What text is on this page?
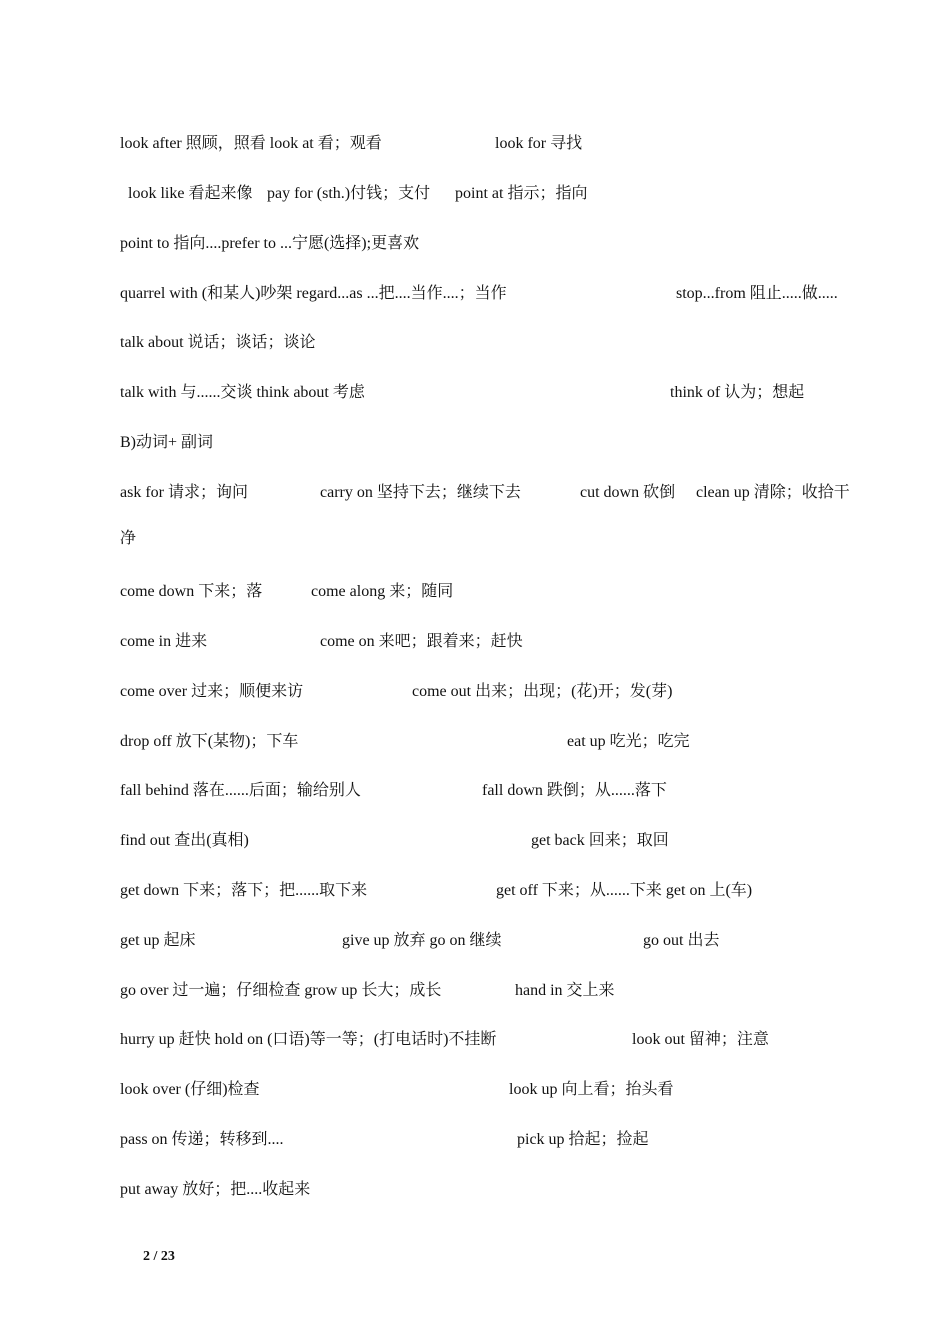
look after 照顾，照看 look at 看；观看	look for 寻找
look like 看起来像 pay for (sth.)付钱；支付 point at 指示；指向
point to 指向....prefer to ...宁愿(选择);更喜欢
quarrel with (和某人)吵架 regard...as ...把....当作....；当作	stop...from 阻止.....做.....
talk about 说话；谈话；谈论
talk with 与......交谈 think about 考虑	think of 认为；想起
B)动词+ 副词
ask for 请求；询问	carry on 坚持下去；继续下去	cut down 砍倒 clean up 清除；收拾干
净
come down 下来；落	come along 来；随同
come in 进来	come on 来吧；跟着来；赶快
come over 过来；顺便来访	come out 出来；出现；(花)开；发(芽)
drop off 放下(某物)；下车	eat up 吃光；吃完
fall behind 落在......后面；输给别人	fall down 跌倒；从......落下
find out 查出(真相)	get back 回来；取回
get down 下来；落下；把......取下来	get off 下来；从......下来 get on 上(车)
get up 起床	give up 放弃 go on 继续	go out 出去
go over 过一遍；仔细检查 grow up 长大；成长	hand in 交上来
hurry up 赶快 hold on (口语)等一等；(打电话时)不挂断	look out 留神；注意
look over (仔细)检查	look up 向上看；抬头看
pass on 传递；转移到....	pick up 拾起；捡起
put away 放好；把....收起来
2 / 23
